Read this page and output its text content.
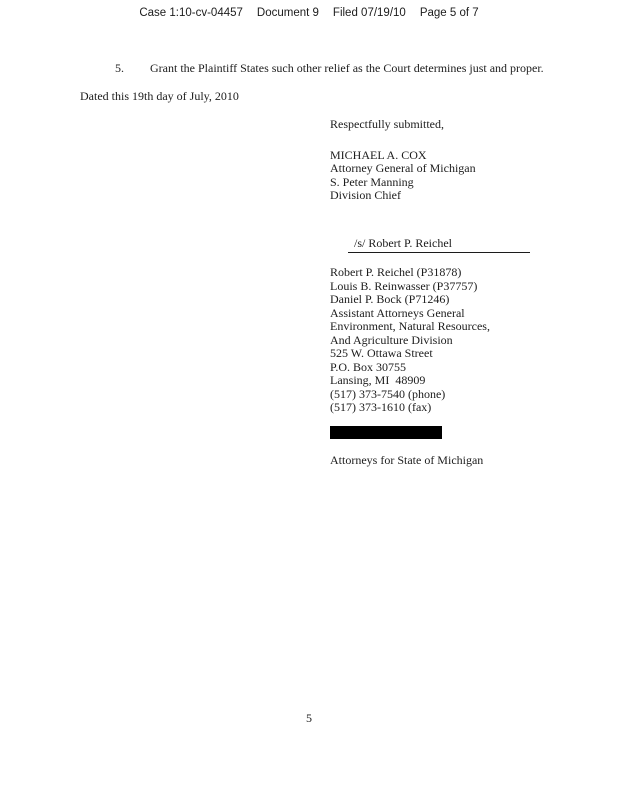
Case 1:10-cv-04457 Document 9 Filed 07/19/10 Page 5 of 7
5. Grant the Plaintiff States such other relief as the Court determines just and proper.
Dated this 19th day of July, 2010
Respectfully submitted,
MICHAEL A. COX
Attorney General of Michigan
S. Peter Manning
Division Chief

/s/ Robert P. Reichel

Robert P. Reichel (P31878)
Louis B. Reinwasser (P37757)
Daniel P. Bock (P71246)
Assistant Attorneys General
Environment, Natural Resources,
And Agriculture Division
525 W. Ottawa Street
P.O. Box 30755
Lansing, MI  48909
(517) 373-7540 (phone)
(517) 373-1610 (fax)
Attorneys for State of Michigan
5
